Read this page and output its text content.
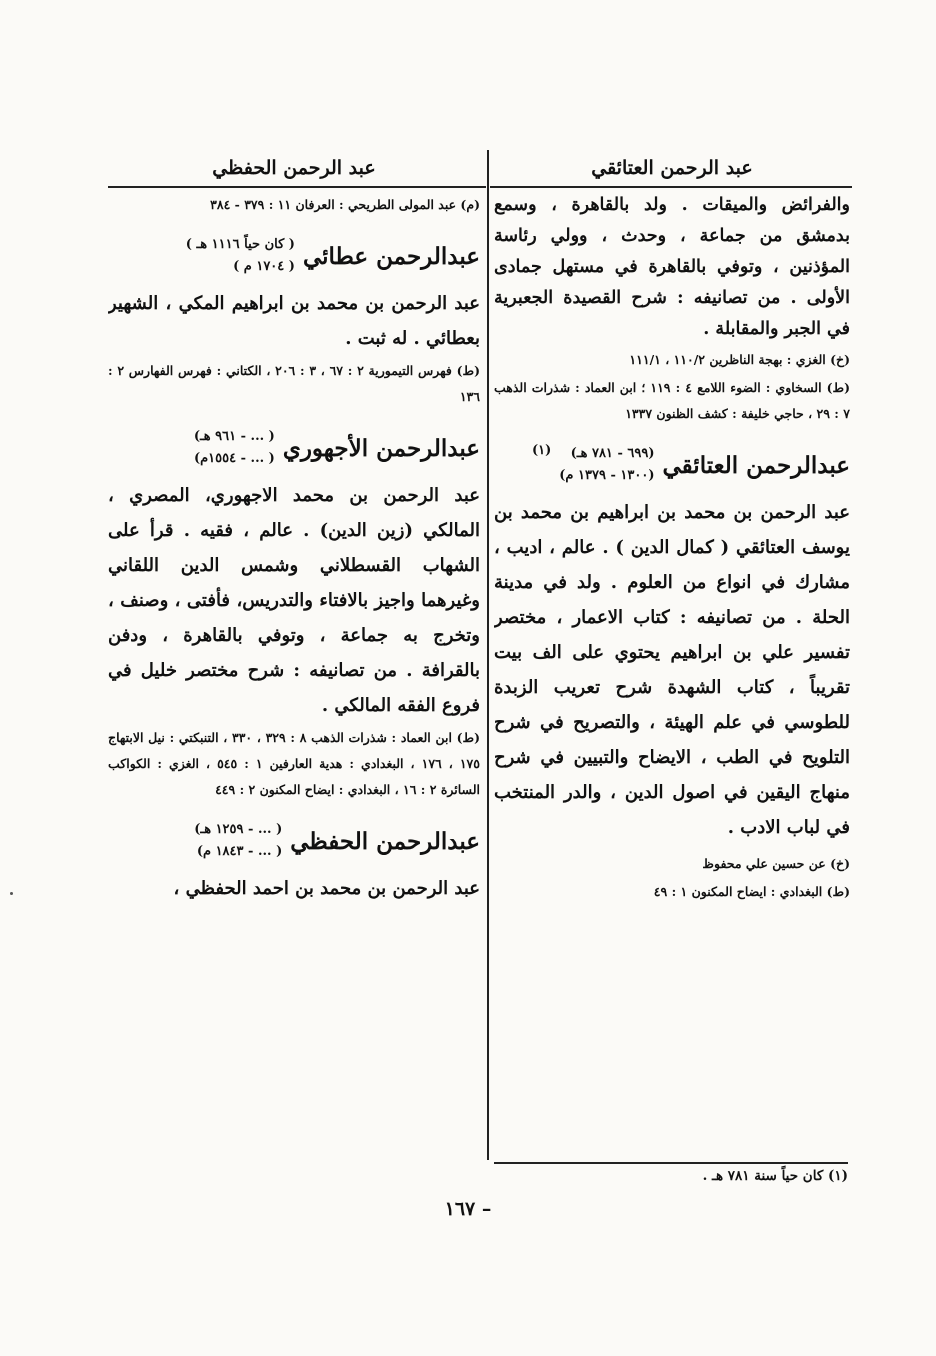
عبد الرحمن العتائقي

والفرائض والميقات . ولد بالقاهرة ، وسمع بدمشق من جماعة ، وحدث ، وولي رئاسة المؤذنين ، وتوفي بالقاهرة في مستهل جمادى الأولى . من تصانيفه : شرح القصيدة الجعبرية في الجبر والمقابلة .

(خ) الغزي : بهجة الناظرين ١١٠/٢ ، ١١١/١

(ط) السخاوي : الضوء اللامع ٤ : ١١٩ ؛ ابن العماد : شذرات الذهب ٧ : ٢٩ ، حاجي خليفة : كشف الظنون ١٣٣٧

عبدالرحمن العتائقي
(٦٩٩ - ٧٨١ هـ)
(١٣٠٠ - ١٣٧٩ م)
(١)

عبد الرحمن بن محمد بن ابراهيم بن محمد بن يوسف العتائقي ( كمال الدين ) . عالم ، اديب ، مشارك في انواع من العلوم . ولد في مدينة الحلة . من تصانيفه : كتاب الاعمار ، مختصر تفسير علي بن ابراهيم يحتوي على الف بيت تقريباً ، كتاب الشهدة شرح تعريب الزبدة للطوسي في علم الهيئة ، والتصريح في شرح التلويح في الطب ، الايضاح والتبيين في شرح منهاج اليقين في اصول الدين ، والدر المنتخب في لباب الادب .

(خ) عن حسين علي محفوظ

(ط) البغدادي : ايضاح المكنون ١ : ٤٩

عبد الرحمن الحفظي

(م) عبد المولى الطريحي : العرفان ١١ : ٣٧٩ - ٣٨٤

عبدالرحمن عطائي
( كان حياً ١١١٦ هـ )
( ١٧٠٤ م )

عبد الرحمن بن محمد بن ابراهيم المكي ، الشهير بعطائي . له ثبت .

(ط) فهرس التيمورية ٢ : ٦٧ ، ٣ : ٢٠٦ ، الكتاني : فهرس الفهارس ٢ : ١٣٦

عبدالرحمن الأجهوري
( ... - ٩٦١ هـ)
( ... - ١٥٥٤م)

عبد الرحمن بن محمد الاجهوري، المصري ، المالكي (زين الدين) . عالم ، فقيه . قرأ على الشهاب القسطلاني وشمس الدين اللقاني وغيرهما واجيز بالافتاء والتدريس، فأفتى ، وصنف ، وتخرج به جماعة ، وتوفي بالقاهرة ، ودفن بالقرافة . من تصانيفه : شرح مختصر خليل في فروع الفقه المالكي .

(ط) ابن العماد : شذرات الذهب ٨ : ٣٢٩ ، ٣٣٠ ، التنبكتي : نيل الابتهاج ١٧٥ ، ١٧٦ ، البغدادي : هدية العارفين ١ : ٥٤٥ ، الغزي : الكواكب السائرة ٢ : ١٦ ، البغدادي : ايضاح المكنون ٢ : ٤٤٩

عبدالرحمن الحفظي
( ... - ١٢٥٩ هـ)
( ... - ١٨٤٣ م)

عبد الرحمن بن محمد بن احمد الحفظي ،

(١) كان حياً سنة ٧٨١ هـ .
– ١٦٧
